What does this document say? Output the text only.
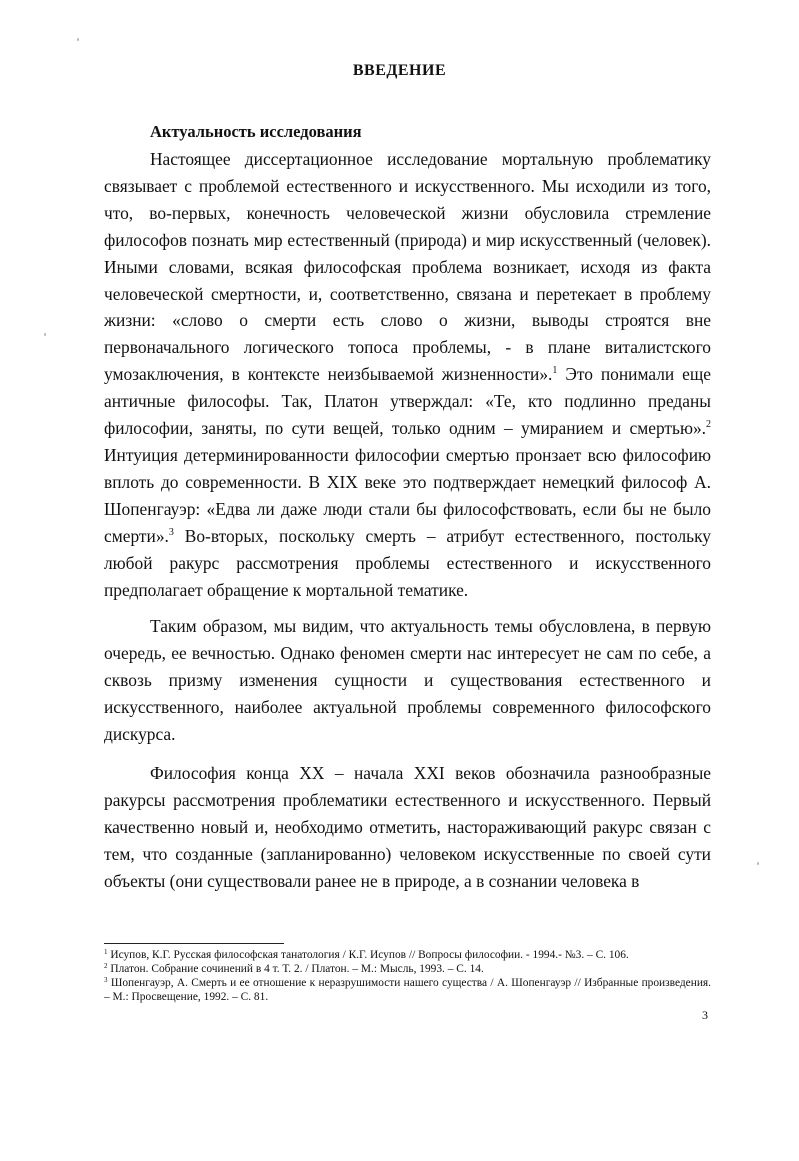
ВВЕДЕНИЕ
Актуальность исследования

Настоящее диссертационное исследование мортальную проблематику связывает с проблемой естественного и искусственного. Мы исходили из того, что, во-первых, конечность человеческой жизни обусловила стремление философов познать мир естественный (природа) и мир искусственный (человек). Иными словами, всякая философская проблема возникает, исходя из факта человеческой смертности, и, соответственно, связана и перетекает в проблему жизни: «слово о смерти есть слово о жизни, выводы строятся вне первоначального логического топоса проблемы, - в плане виталистского умозаключения, в контексте неизбываемой жизненности».$^1$ Это понимали еще античные философы. Так, Платон утверждал: «Те, кто подлинно преданы философии, заняты, по сути вещей, только одним – умиранием и смертью».$^2$ Интуиция детерминированности философии смертью пронзает всю философию вплоть до современности. В XIX веке это подтверждает немецкий философ А. Шопенгауэр: «Едва ли даже люди стали бы философствовать, если бы не было смерти».$^3$ Во-вторых, поскольку смерть – атрибут естественного, постольку любой ракурс рассмотрения проблемы естественного и искусственного предполагает обращение к мортальной тематике.

Таким образом, мы видим, что актуальность темы обусловлена, в первую очередь, ее вечностью. Однако феномен смерти нас интересует не сам по себе, а сквозь призму изменения сущности и существования естественного и искусственного, наиболее актуальной проблемы современного философского дискурса.

Философия конца XX – начала XXI веков обозначила разнообразные ракурсы рассмотрения проблематики естественного и искусственного. Первый качественно новый и, необходимо отметить, настораживающий ракурс связан с тем, что созданные (запланированно) человеком искусственные по своей сути объекты (они существовали ранее не в природе, а в сознании человека в

$^1$ Исупов, К.Г. Русская философская танатология / К.Г. Исупов // Вопросы философии. - 1994.- №3. – С. 106.

$^2$ Платон. Собрание сочинений в 4 т. Т. 2. / Платон. – М.: Мысль, 1993. – С. 14.

$^3$ Шопенгауэр, А. Смерть и ее отношение к неразрушимости нашего существа / А. Шопенгауэр // Избранные произведения. – М.: Просвещение, 1992. – С. 81.

3
